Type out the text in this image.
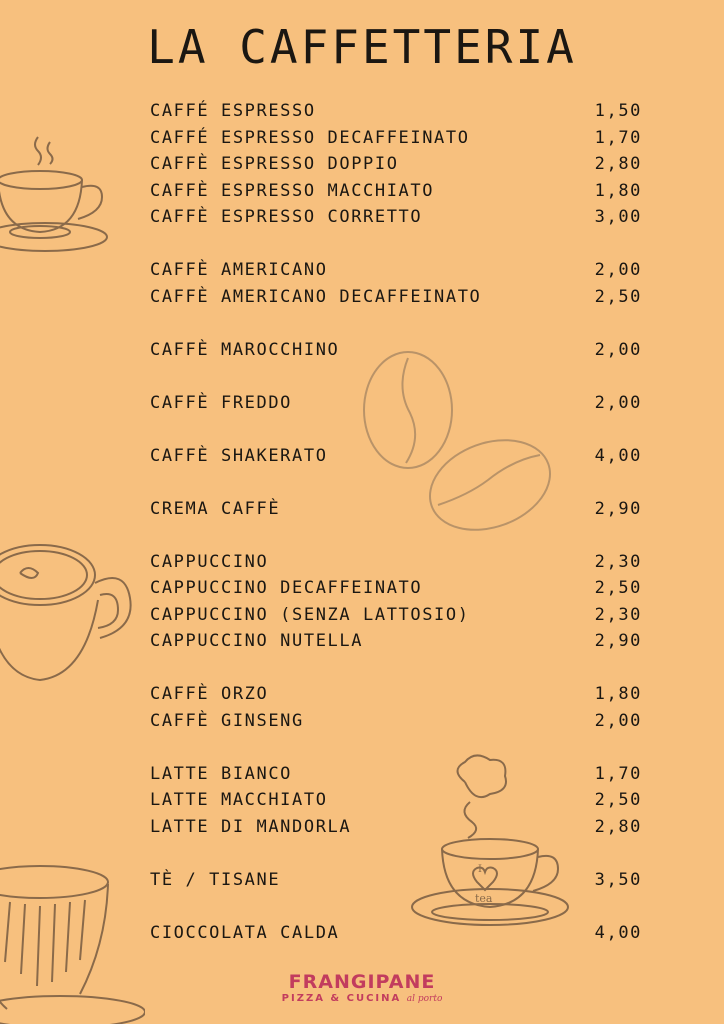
LA CAFFETTERIA
I
tea
CAFFÉ ESPRESSO	1,50
CAFFÉ ESPRESSO DECAFFEINATO	1,70
CAFFÈ ESPRESSO DOPPIO	2,80
CAFFÈ ESPRESSO MACCHIATO	1,80
CAFFÈ ESPRESSO CORRETTO	3,00
CAFFÈ AMERICANO	2,00
CAFFÈ AMERICANO DECAFFEINATO	2,50
CAFFÈ MAROCCHINO	2,00
CAFFÈ FREDDO	2,00
CAFFÈ SHAKERATO	4,00
CREMA CAFFÈ	2,90
CAPPUCCINO	2,30
CAPPUCCINO DECAFFEINATO	2,50
CAPPUCCINO (SENZA LATTOSIO)	2,30
CAPPUCCINO NUTELLA	2,90
CAFFÈ ORZO	1,80
CAFFÈ GINSENG	2,00
LATTE BIANCO	1,70
LATTE MACCHIATO	2,50
LATTE DI MANDORLA	2,80
TÈ / TISANE	3,50
CIOCCOLATA CALDA	4,00
FRANGIPANE
PIZZA & CUCINA al porto
